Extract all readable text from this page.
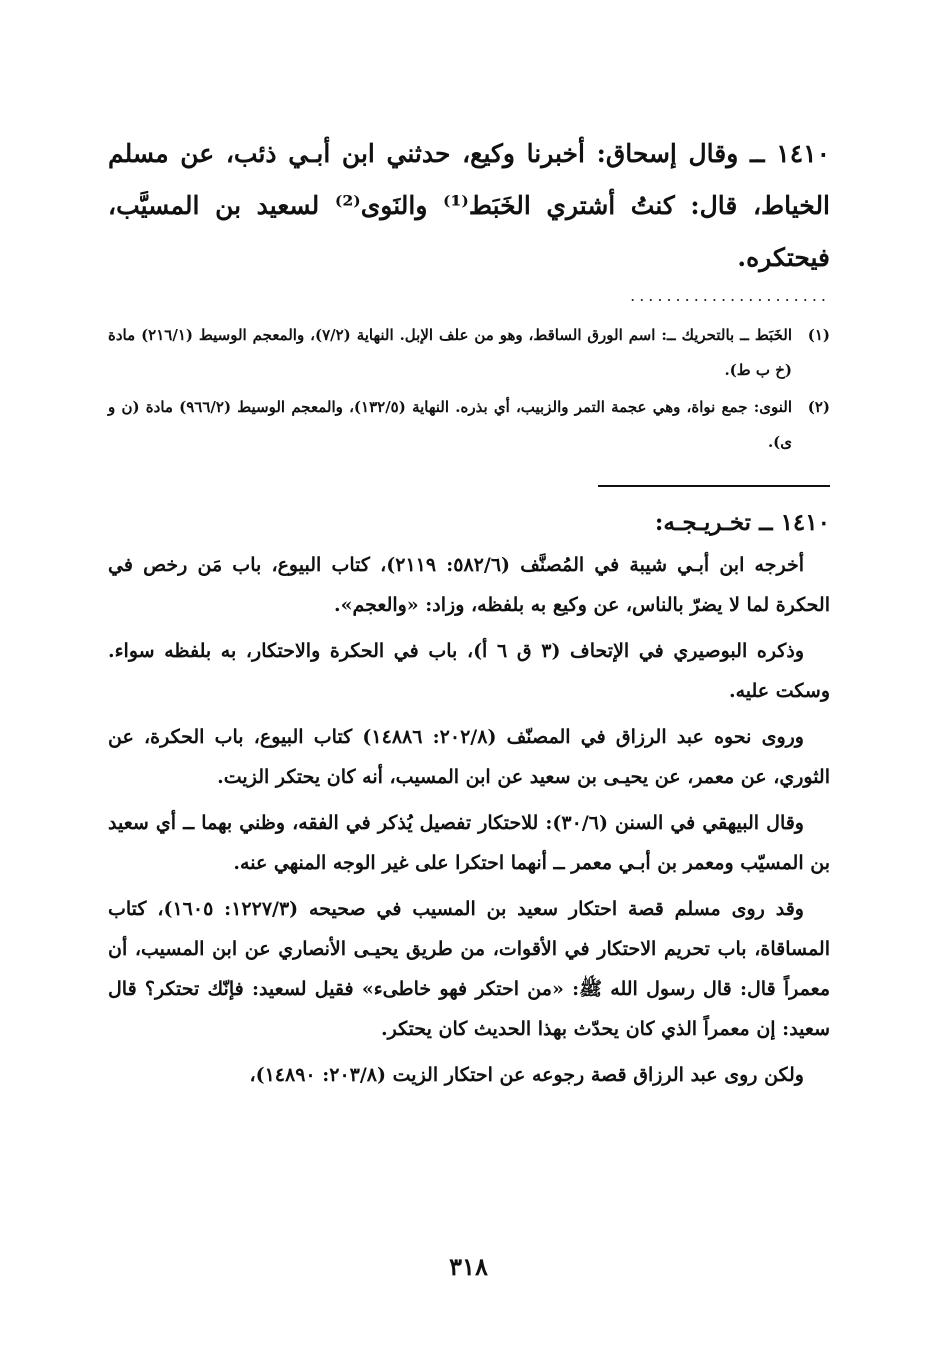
١٤١٠ ــ وقال إسحاق: أخبرنا وكيع، حدثني ابن أبـي ذئب، عن مسلم الخياط، قال: كنتُ أشتري الخَبَط⁽¹⁾ والنَوى⁽²⁾ لسعيد بن المسيَّب، فيحتكره.
......................
(١)
الخَبَط ــ بالتحريك ــ: اسم الورق الساقط، وهو من علف الإبل. النهاية (٧/٢)، والمعجم الوسيط (٢١٦/١) مادة (خ ب ط).
(٢)
النوى: جمع نواة، وهي عجمة التمر والزبيب، أي بذره. النهاية (١٣٢/٥)، والمعجم الوسيط (٩٦٦/٢) مادة (ن و ى).
١٤١٠ ــ تخـريـجـه:

أخرجه ابن أبـي شيبة في المُصنَّف (٥٨٢/٦: ٢١١٩)، كتاب البيوع، باب مَن رخص في الحكرة لما لا يضرّ بالناس، عن وكيع به بلفظه، وزاد: «والعجم».

وذكره البوصيري في الإتحاف (٣ ق ٦ أ)، باب في الحكرة والاحتكار، به بلفظه سواء. وسكت عليه.

وروى نحوه عبد الرزاق في المصنّف (٢٠٢/٨: ١٤٨٨٦) كتاب البيوع، باب الحكرة، عن الثوري، عن معمر، عن يحيـى بن سعيد عن ابن المسيب، أنه كان يحتكر الزيت.

وقال البيهقي في السنن (٣٠/٦): للاحتكار تفصيل يُذكر في الفقه، وظني بهما ــ أي سعيد بن المسيّب ومعمر بن أبـي معمر ــ أنهما احتكرا على غير الوجه المنهي عنه.

وقد روى مسلم قصة احتكار سعيد بن المسيب في صحيحه (١٢٢٧/٣: ١٦٠٥)، كتاب المساقاة، باب تحريم الاحتكار في الأقوات، من طريق يحيـى الأنصاري عن ابن المسيب، أن معمراً قال: قال رسول الله ﷺ: «من احتكر فهو خاطىء» فقيل لسعيد: فإنّك تحتكر؟ قال سعيد: إن معمراً الذي كان يحدّث بهذا الحديث كان يحتكر.

ولكن روى عبد الرزاق قصة رجوعه عن احتكار الزيت (٢٠٣/٨: ١٤٨٩٠)،

٣١٨
